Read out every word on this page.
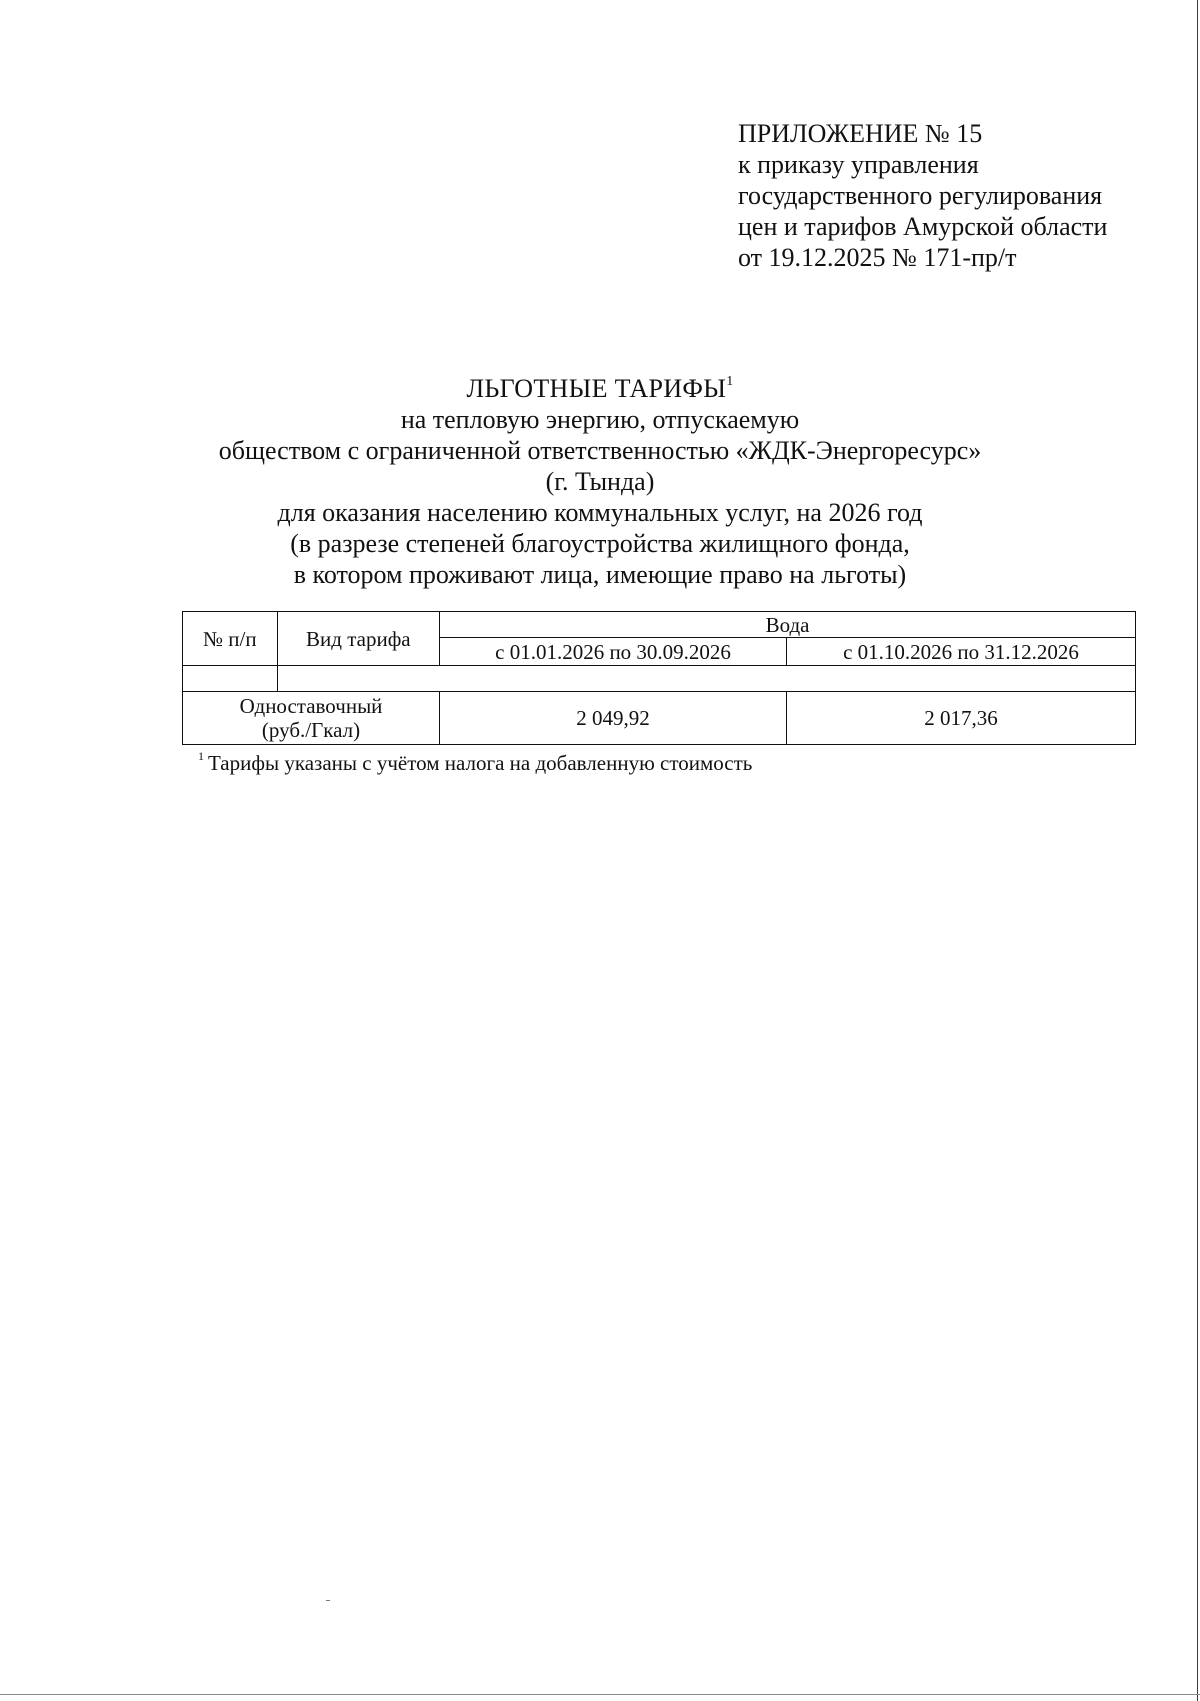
ПРИЛОЖЕНИЕ № 15
к приказу управления
государственного регулирования
цен и тарифов Амурской области
от 19.12.2025 № 171-пр/т
ЛЬГОТНЫЕ ТАРИФЫ$^1$
на тепловую энергию, отпускаемую
обществом с ограниченной ответственностью «ЖДК-Энергоресурс»
(г. Тында)
для оказания населению коммунальных услуг, на 2026 год
(в разрезе степеней благоустройства жилищного фонда,
в котором проживают лица, имеющие право на льготы)
№ п/п	Вид тарифа	Вода	
		с 01.01.2026 по 30.09.2026	с 01.10.2026 по 31.12.2026

Одноставочный
(руб./Гкал)		2 049,92	2 017,36
$^1$ Тарифы указаны с учётом налога на добавленную стоимость
